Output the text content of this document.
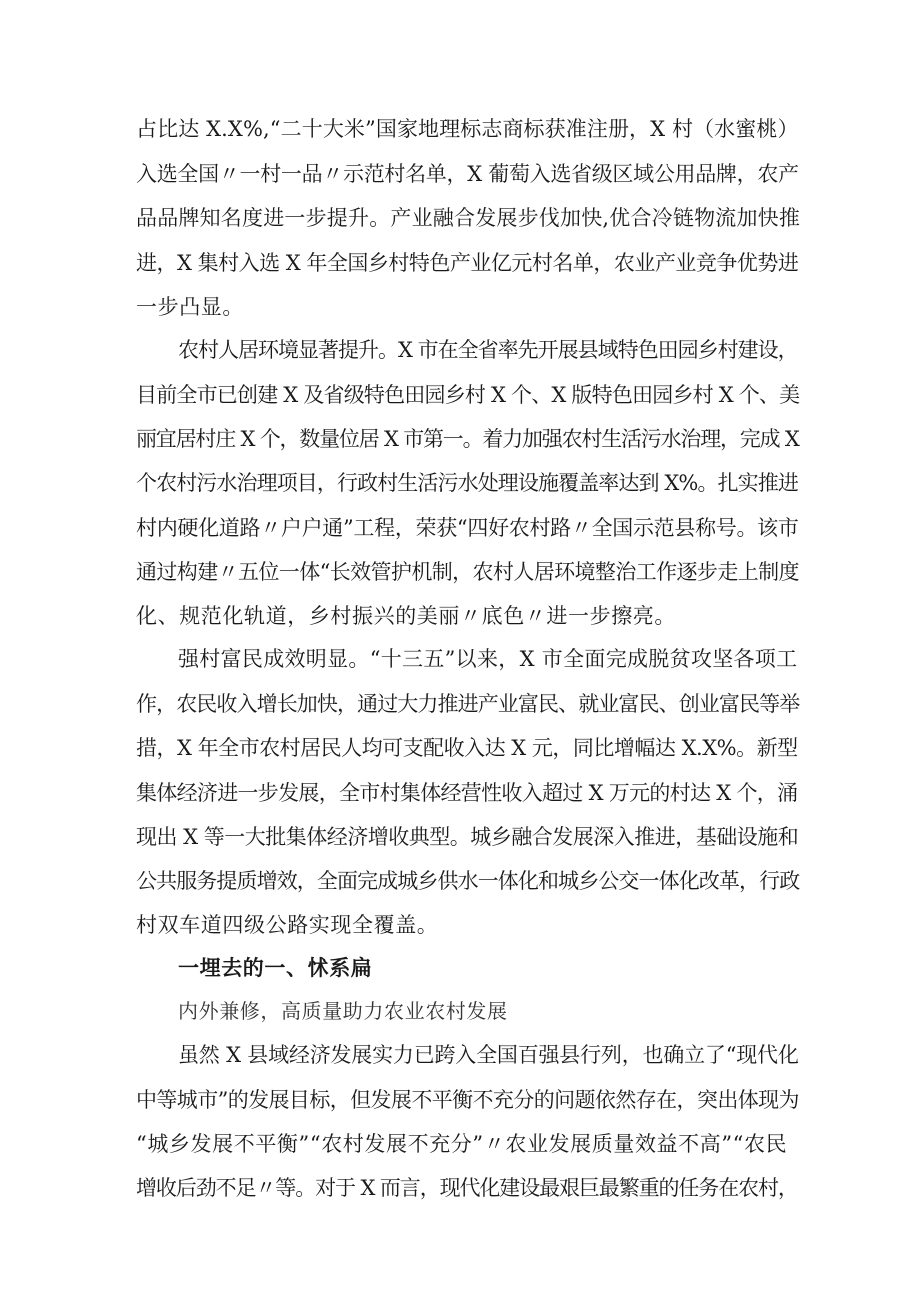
占比达 X.X%,“二十大米”国家地理标志商标获准注册，X 村（水蜜桃）
入选全国〃一村一品〃示范村名单，X 葡萄入选省级区域公用品牌，农产
品品牌知名度进一步提升。产业融合发展步伐加快,优合冷链物流加快推
进，X 集村入选 X 年全国乡村特色产业亿元村名单，农业产业竞争优势进
一步凸显。
农村人居环境显著提升。X 市在全省率先开展县域特色田园乡村建设，
目前全市已创建 X 及省级特色田园乡村 X 个、X 版特色田园乡村 X 个、美
丽宜居村庄 X 个，数量位居 X 市第一。着力加强农村生活污水治理，完成 X
个农村污水治理项目，行政村生活污水处理设施覆盖率达到 X%。扎实推进
村内硬化道路〃户户通”工程，荣获“四好农村路〃全国示范县称号。该市
通过构建〃五位一体“长效管护机制，农村人居环境整治工作逐步走上制度
化、规范化轨道，乡村振兴的美丽〃底色〃进一步擦亮。
强村富民成效明显。“十三五”以来，X 市全面完成脱贫攻坚各项工
作，农民收入增长加快，通过大力推进产业富民、就业富民、创业富民等举
措，X 年全市农村居民人均可支配收入达 X 元，同比增幅达 X.X%。新型
集体经济进一步发展，全市村集体经营性收入超过 X 万元的村达 X 个，涌
现出 X 等一大批集体经济增收典型。城乡融合发展深入推进，基础设施和
公共服务提质增效，全面完成城乡供水一体化和城乡公交一体化改革，行政
村双车道四级公路实现全覆盖。
一埋去的一、怵系扁
内外兼修，高质量助力农业农村发展
虽然 X 县域经济发展实力已跨入全国百强县行列，也确立了“现代化
中等城市”的发展目标，但发展不平衡不充分的问题依然存在，突出体现为
“城乡发展不平衡”“农村发展不充分”〃农业发展质量效益不高”“农民
增收后劲不足〃等。对于 X 而言，现代化建设最艰巨最繁重的任务在农村，
